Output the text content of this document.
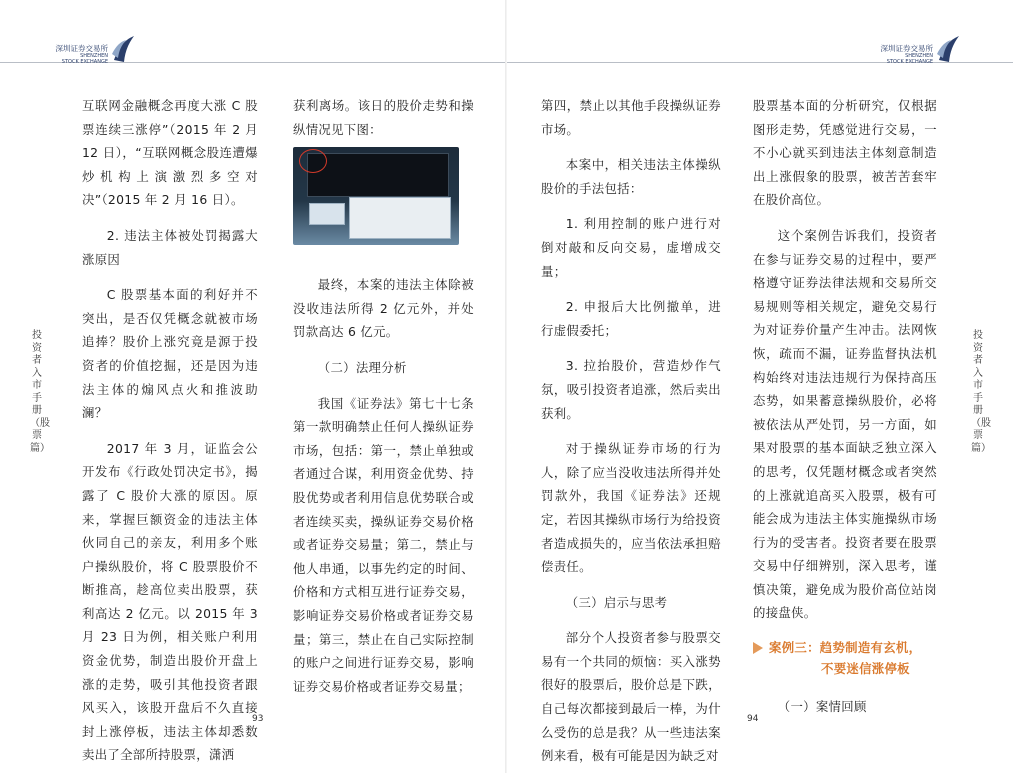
深圳证券交易所
SHENZHEN
STOCK EXCHANGE
投资者入市手册（股票篇）

互联网金融概念再度大涨 C 股票连续三涨停”（2015 年 2 月 12 日），“互联网概念股连遭爆炒机构上演激烈多空对决”（2015 年 2 月 16 日）。

2. 违法主体被处罚揭露大涨原因

C 股票基本面的利好并不突出，是否仅凭概念就被市场追捧？股价上涨究竟是源于投资者的价值挖掘，还是因为违法主体的煽风点火和推波助澜？

2017 年 3 月，证监会公开发布《行政处罚决定书》，揭露了 C 股价大涨的原因。原来，掌握巨额资金的违法主体伙同自己的亲友，利用多个账户操纵股价，将 C 股票股价不断推高，趁高位卖出股票，获利高达 2 亿元。以 2015 年 3 月 23 日为例，相关账户利用资金优势，制造出股价开盘上涨的走势，吸引其他投资者跟风买入，该股开盘后不久直接封上涨停板，违法主体却悉数卖出了全部所持股票，潇洒

获利离场。该日的股价走势和操纵情况见下图：

最终，本案的违法主体除被没收违法所得 2 亿元外，并处罚款高达 6 亿元。

（二）法理分析

我国《证券法》第七十七条第一款明确禁止任何人操纵证券市场，包括：第一，禁止单独或者通过合谋，利用资金优势、持股优势或者利用信息优势联合或者连续买卖，操纵证券交易价格或者证券交易量；第二，禁止与他人串通，以事先约定的时间、价格和方式相互进行证券交易，影响证券交易价格或者证券交易量；第三，禁止在自己实际控制的账户之间进行证券交易，影响证券交易价格或者证券交易量；

93
深圳证券交易所
SHENZHEN
STOCK EXCHANGE
投资者入市手册（股票篇）

第四，禁止以其他手段操纵证券市场。

本案中，相关违法主体操纵股价的手法包括：

1. 利用控制的账户进行对倒对敲和反向交易，虚增成交量；

2. 申报后大比例撤单，进行虚假委托；

3. 拉抬股价，营造炒作气氛，吸引投资者追涨，然后卖出获利。

对于操纵证券市场的行为人，除了应当没收违法所得并处罚款外，我国《证券法》还规定，若因其操纵市场行为给投资者造成损失的，应当依法承担赔偿责任。

（三）启示与思考

部分个人投资者参与股票交易有一个共同的烦恼：买入涨势很好的股票后，股价总是下跌，自己每次都接到最后一棒，为什么受伤的总是我？从一些违法案例来看，极有可能是因为缺乏对

股票基本面的分析研究，仅根据图形走势，凭感觉进行交易，一不小心就买到违法主体刻意制造出上涨假象的股票，被苦苦套牢在股价高位。

这个案例告诉我们，投资者在参与证券交易的过程中，要严格遵守证券法律法规和交易所交易规则等相关规定，避免交易行为对证券价量产生冲击。法网恢恢，疏而不漏，证券监督执法机构始终对违法违规行为保持高压态势，如果蓄意操纵股价，必将被依法从严处罚，另一方面，如果对股票的基本面缺乏独立深入的思考，仅凭题材概念或者突然的上涨就追高买入股票，极有可能会成为违法主体实施操纵市场行为的受害者。投资者要在股票交易中仔细辨别，深入思考，谨慎决策，避免成为股价高位站岗的接盘侠。

案例三：趋势制造有玄机，
不要迷信涨停板

（一）案情回顾

94
